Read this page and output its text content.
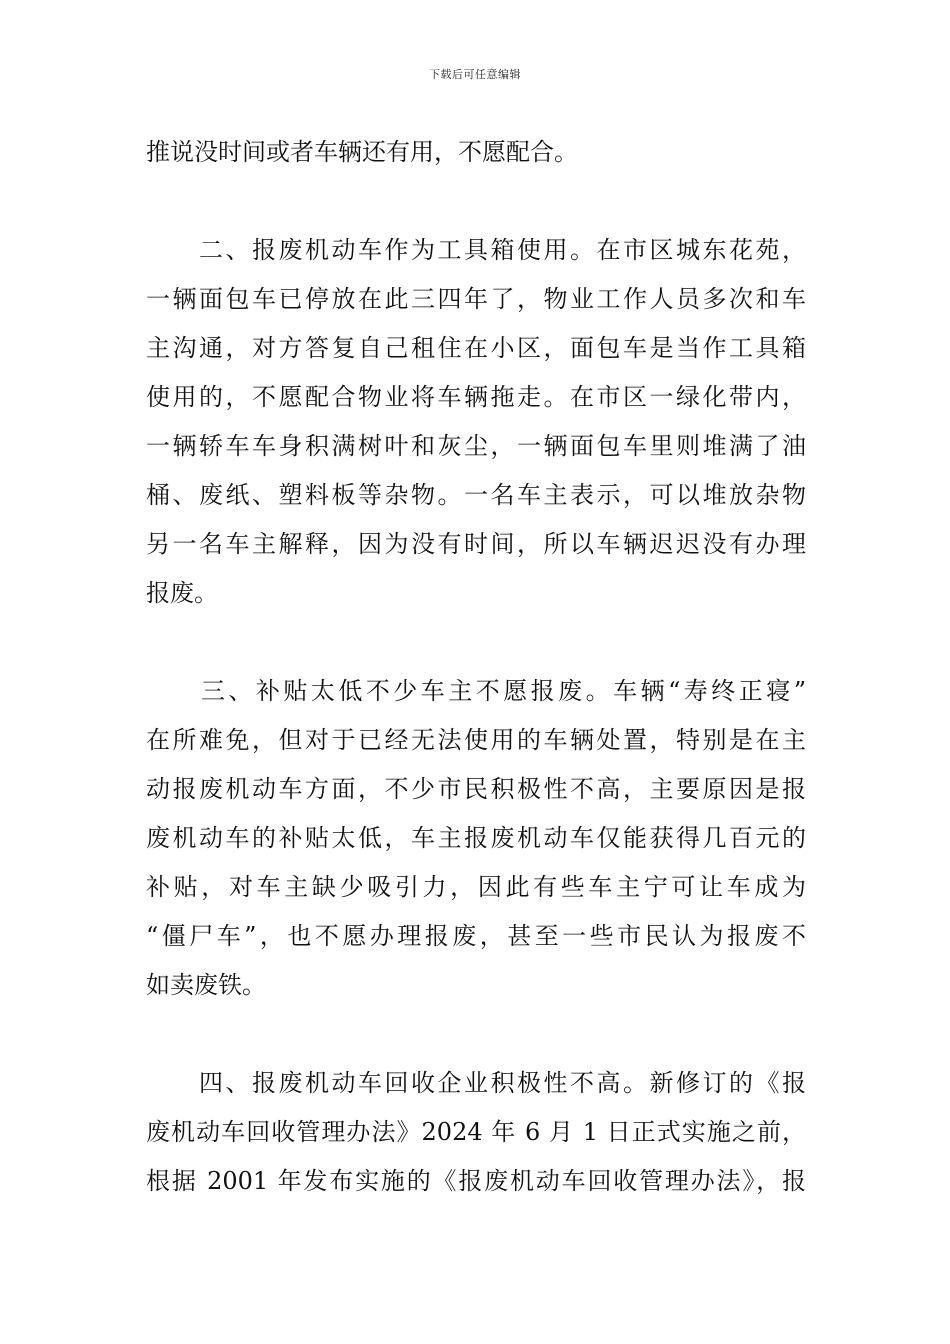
下载后可任意编辑
推说没时间或者车辆还有用，不愿配合。
　　二、报废机动车作为工具箱使用。在市区城东花苑，
一辆面包车已停放在此三四年了，物业工作人员多次和车
主沟通，对方答复自己租住在小区，面包车是当作工具箱
使用的，不愿配合物业将车辆拖走。在市区一绿化带内，
一辆轿车车身积满树叶和灰尘，一辆面包车里则堆满了油
桶、废纸、塑料板等杂物。一名车主表示，可以堆放杂物
另一名车主解释，因为没有时间，所以车辆迟迟没有办理
报废。
　　三、补贴太低不少车主不愿报废。车辆“寿终正寝”
在所难免，但对于已经无法使用的车辆处置，特别是在主
动报废机动车方面，不少市民积极性不高，主要原因是报
废机动车的补贴太低，车主报废机动车仅能获得几百元的
补贴，对车主缺少吸引力，因此有些车主宁可让车成为
“僵尸车”，也不愿办理报废，甚至一些市民认为报废不
如卖废铁。
　　四、报废机动车回收企业积极性不高。新修订的《报
废机动车回收管理办法》2024 年 6 月 1 日正式实施之前，
根据 2001 年发布实施的《报废机动车回收管理办法》，报
